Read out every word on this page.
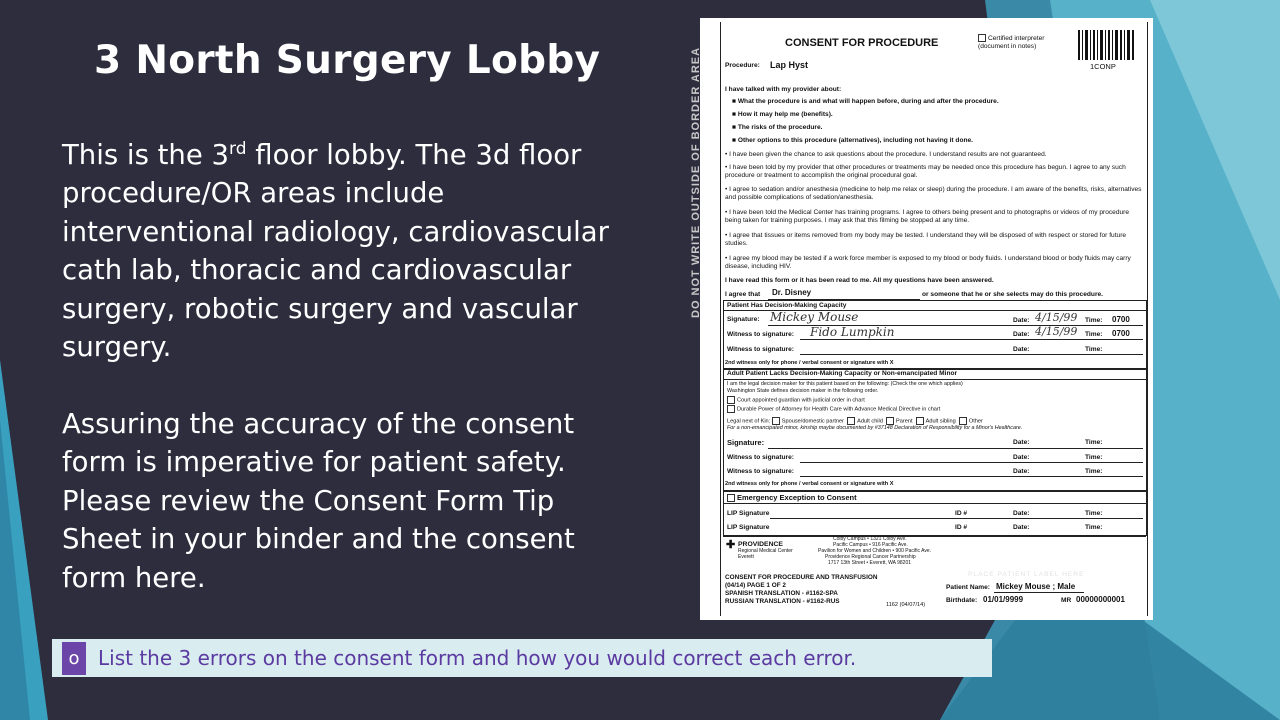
3 North Surgery Lobby
This is the 3rd floor lobby. The 3d floor procedure/OR areas include interventional radiology, cardiovascular cath lab, thoracic and cardiovascular surgery, robotic surgery and vascular surgery.
Assuring the accuracy of the consent form is imperative for patient safety. Please review the Consent Form Tip Sheet in your binder and the consent form here.
o List the 3 errors on the consent form and how you would correct each error.
DO NOT WRITE OUTSIDE OF BORDER AREA
CONSENT FOR PROCEDURE	Certified interpreter (document in notes)
1CONP
Procedure: Lap Hyst
I have talked with my provider about:
■ What the procedure is and what will happen before, during and after the procedure.
■ How it may help me (benefits).
■ The risks of the procedure.
■ Other options to this procedure (alternatives), including not having it done.
• I have been given the chance to ask questions about the procedure. I understand results are not guaranteed.
• I have been told by my provider that other procedures or treatments may be needed once this procedure has begun. I agree to any such procedure or treatment to accomplish the original procedural goal.
• I agree to sedation and/or anesthesia (medicine to help me relax or sleep) during the procedure. I am aware of the benefits, risks, alternatives and possible complications of sedation/anesthesia.
• I have been told the Medical Center has training programs. I agree to others being present and to photographs or videos of my procedure being taken for training purposes. I may ask that this filming be stopped at any time.
• I agree that tissues or items removed from my body may be tested. I understand they will be disposed of with respect or stored for future studies.
• I agree my blood may be tested if a work force member is exposed to my blood or body fluids. I understand blood or body fluids may carry disease, including HIV.
I have read this form or it has been read to me. All my questions have been answered.
I agree that Dr. Disney	or someone that he or she selects may do this procedure.
Patient Has Decision-Making Capacity
Signature: Mickey Mouse	Date: 4/15/99 Time: 0700
Witness to signature: Fido Lumpkin	Date: 4/15/99 Time: 0700
Witness to signature:	Date:	Time:
2nd witness only for phone / verbal consent or signature with X
Adult Patient Lacks Decision-Making Capacity or Non-emancipated Minor
I am the legal decision maker for this patient based on the following: (Check the one which applies)
Washington State defines decision maker in the following order.
Court appointed guardian with judicial order in chart
Durable Power of Attorney for Health Care with Advance Medical Directive in chart
Legal next of Kin: Spouse/domestic partner Adult child Parent Adult sibling Other
For a non-emancipated minor, kinship maybe documented by #37148 Declaration of Responsibility for a Minor's Healthcare.
Signature:	Date:	Time:
Witness to signature:	Date:	Time:
Witness to signature:	Date:	Time:
2nd witness only for phone / verbal consent or signature with X
Emergency Exception to Consent
LIP Signature	ID #	Date:	Time:
LIP Signature	ID #	Date:	Time:
✚ PROVIDENCE
Regional Medical Center
Everett
Colby Campus • 1321 Colby Ave.
Pacific Campus • 916 Pacific Ave.
Pavilion for Women and Children • 900 Pacific Ave.
Providence Regional Cancer Partnership
1717 13th Street • Everett, WA 98201
CONSENT FOR PROCEDURE AND TRANSFUSION
(04/14) PAGE 1 OF 2
SPANISH TRANSLATION - #1162-SPA
RUSSIAN TRANSLATION - #1162-RUS	1162 (04/07/14)
PLACE PATIENT LABEL HERE
Patient Name: Mickey Mouse ; Male
Birthdate: 01/01/9999	MR 00000000001
